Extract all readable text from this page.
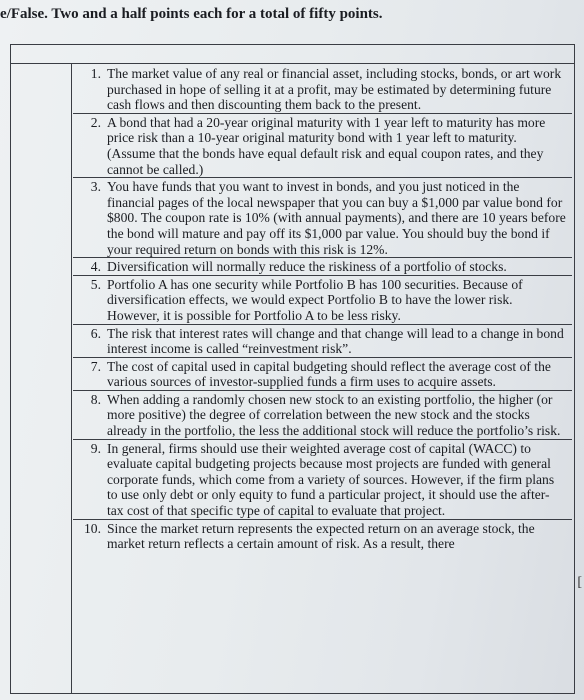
e/False. Two and a half points each for a total of fifty points.
1. The market value of any real or financial asset, including stocks, bonds, or art work purchased in hope of selling it at a profit, may be estimated by determining future cash flows and then discounting them back to the present.
2. A bond that had a 20-year original maturity with 1 year left to maturity has more price risk than a 10-year original maturity bond with 1 year left to maturity. (Assume that the bonds have equal default risk and equal coupon rates, and they cannot be called.)
3. You have funds that you want to invest in bonds, and you just noticed in the financial pages of the local newspaper that you can buy a $1,000 par value bond for $800. The coupon rate is 10% (with annual payments), and there are 10 years before the bond will mature and pay off its $1,000 par value. You should buy the bond if your required return on bonds with this risk is 12%.
4. Diversification will normally reduce the riskiness of a portfolio of stocks.
5. Portfolio A has one security while Portfolio B has 100 securities. Because of diversification effects, we would expect Portfolio B to have the lower risk. However, it is possible for Portfolio A to be less risky.
6. The risk that interest rates will change and that change will lead to a change in bond interest income is called “reinvestment risk”.
7. The cost of capital used in capital budgeting should reflect the average cost of the various sources of investor-supplied funds a firm uses to acquire assets.
8. When adding a randomly chosen new stock to an existing portfolio, the higher (or more positive) the degree of correlation between the new stock and the stocks already in the portfolio, the less the additional stock will reduce the portfolio’s risk.
9. In general, firms should use their weighted average cost of capital (WACC) to evaluate capital budgeting projects because most projects are funded with general corporate funds, which come from a variety of sources. However, if the firm plans to use only debt or only equity to fund a particular project, it should use the after-tax cost of that specific type of capital to evaluate that project.
10. Since the market return represents the expected return on an average stock, the market return reflects a certain amount of risk. As a result, there
[
